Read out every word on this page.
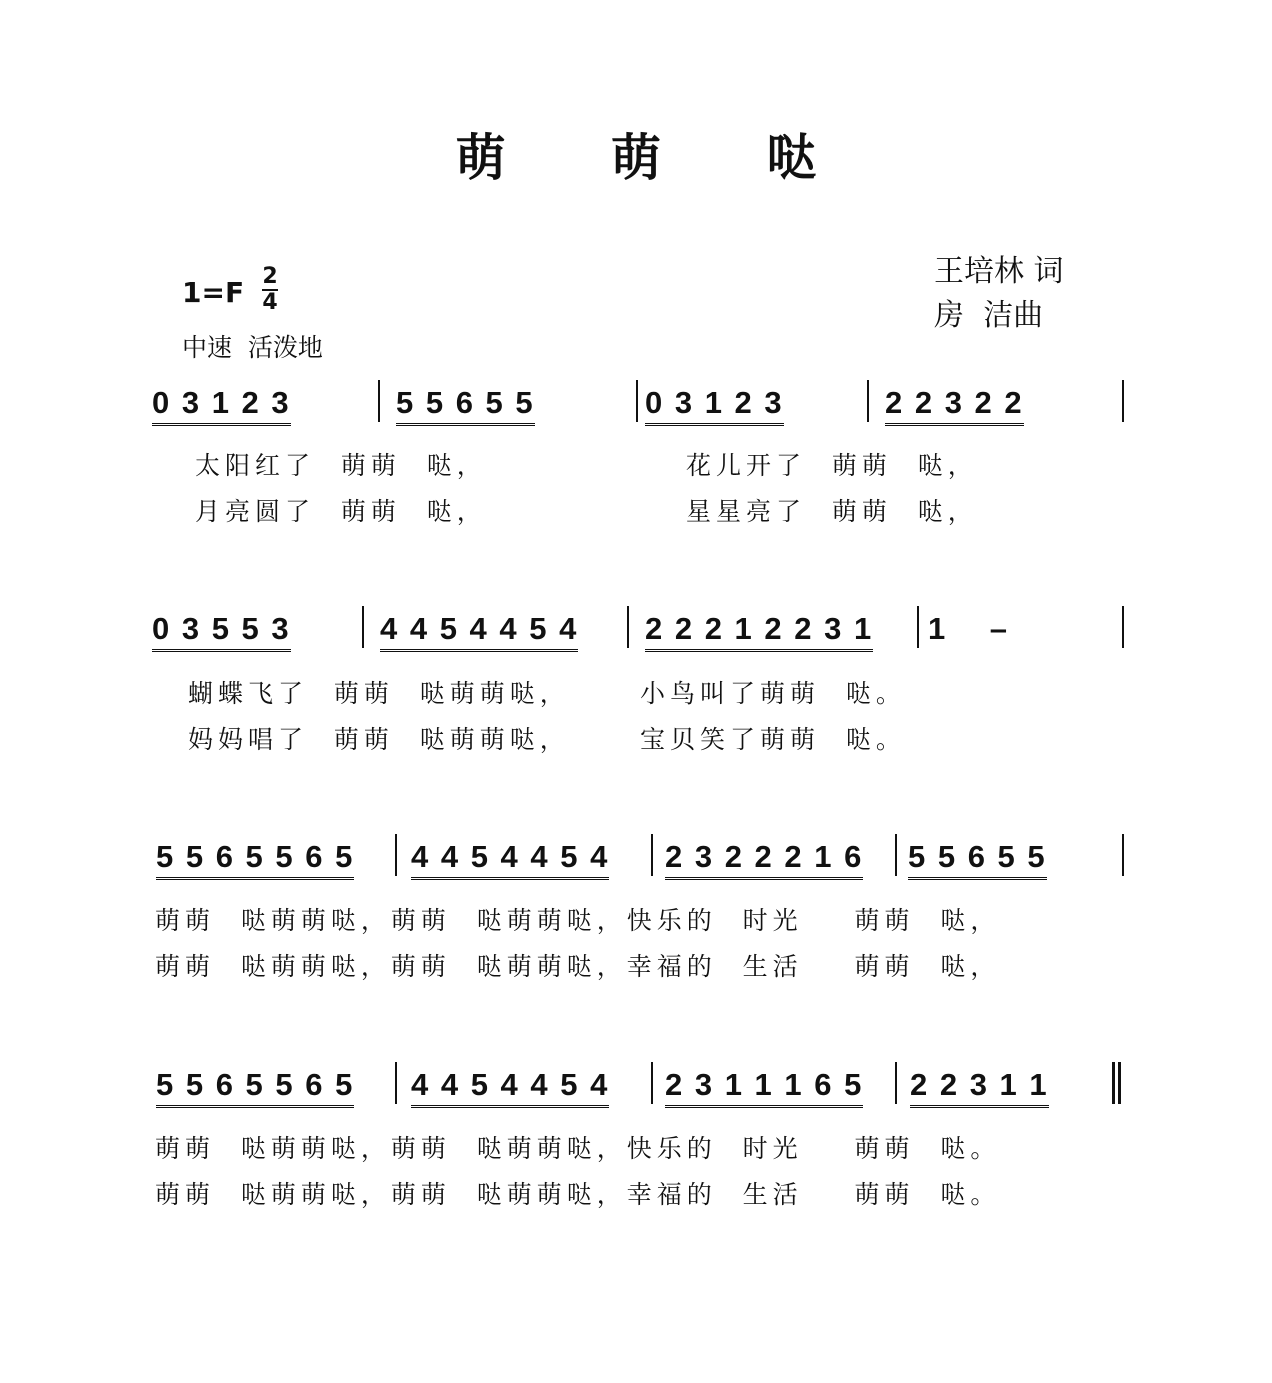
萌 萌 哒
王培林 词
房  洁曲
1=F 2
4
中速  活泼地
0 3 1 2 3	5 5 6 5 5	0 3 1 2 3	2 2 3 2 2
太阳红了  萌萌  哒，	花儿开了  萌萌  哒，
月亮圆了  萌萌  哒，	星星亮了  萌萌  哒，
0 3 5 5 3	4 4 5 4 4 5 4 2 2 2 1 2 2 3 1 1    –
蝴蝶飞了  萌萌  哒萌萌哒，	小鸟叫了萌萌  哒。
妈妈唱了  萌萌  哒萌萌哒，	宝贝笑了萌萌  哒。
5 5 6 5 5 6 5 4 4 5 4 4 5 4 2 3 2 2 2 1 6 5 5 6 5 5
萌萌  哒萌萌哒，萌萌  哒萌萌哒，快乐的  时光    萌萌  哒，
萌萌  哒萌萌哒，萌萌  哒萌萌哒，幸福的  生活    萌萌  哒，
5 5 6 5 5 6 5 4 4 5 4 4 5 4 2 3 1 1 1 6 5 2 2 3 1 1
萌萌  哒萌萌哒，萌萌  哒萌萌哒，快乐的  时光    萌萌  哒。
萌萌  哒萌萌哒，萌萌  哒萌萌哒，幸福的  生活    萌萌  哒。
